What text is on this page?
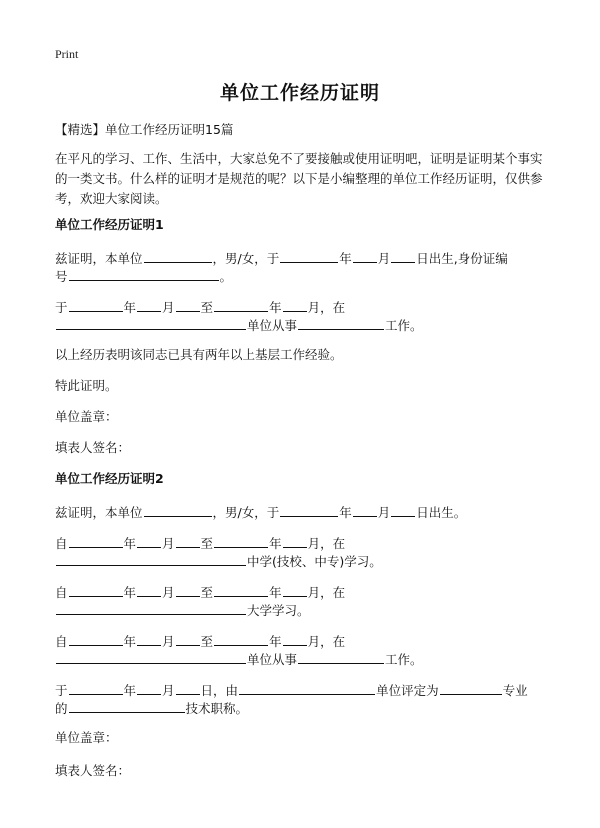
Print
单位工作经历证明
【精选】单位工作经历证明15篇
在平凡的学习、工作、生活中，大家总免不了要接触或使用证明吧，证明是证明某个事实的一类文书。什么样的证明才是规范的呢？以下是小编整理的单位工作经历证明，仅供参考，欢迎大家阅读。
单位工作经历证明1
兹证明，本单位	，男/女，于	年 月 日出生,身份证编
号	。
于	年 月 至	年 月，在
单位从事	工作。
以上经历表明该同志已具有两年以上基层工作经验。
特此证明。
单位盖章：
填表人签名：
单位工作经历证明2
兹证明，本单位	，男/女，于	年 月 日出生。
自	年 月 至	年 月，在
中学(技校、中专)学习。
自	年 月 至	年 月，在
大学学习。
自	年 月 至	年 月，在
单位从事	工作。
于	年 月 日，由	单位评定为	专业
的	技术职称。
单位盖章：
填表人签名：
